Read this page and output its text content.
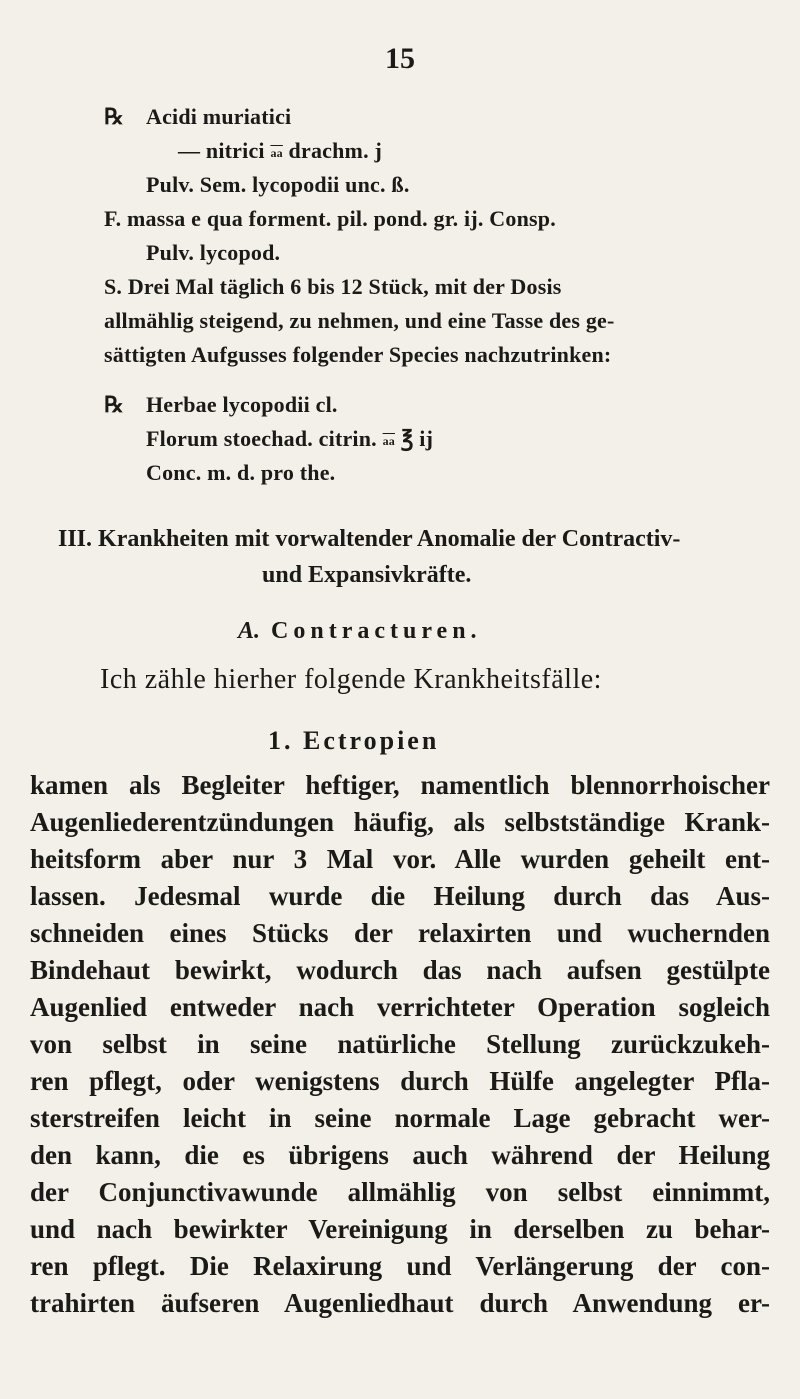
15
℞ Acidi muriatici
— nitrici $\overline{aa}$ drachm. j
Pulv. Sem. lycopodii unc. ß.
F. massa e qua forment. pil. pond. gr. ij. Consp.
Pulv. lycopod.
S. Drei Mal täglich 6 bis 12 Stück, mit der Dosis
allmählig steigend, zu nehmen, und eine Tasse des ge-
sättigten Aufgusses folgender Species nachzutrinken:
℞ Herbae lycopodii cl.
Florum stoechad. citrin. $\overline{aa}$ ℥ ij
Conc. m. d. pro the.
III. Krankheiten mit vorwaltender Anomalie der Contractiv-
und Expansivkräfte.
A. Contracturen.
Ich zähle hierher folgende Krankheitsfälle:
1. Ectropien
kamen als Begleiter heftiger, namentlich blennorrhoischer
Augenliederentzündungen häufig, als selbstständige Krank-
heitsform aber nur 3 Mal vor. Alle wurden geheilt ent-
lassen. Jedesmal wurde die Heilung durch das Aus-
schneiden eines Stücks der relaxirten und wuchernden
Bindehaut bewirkt, wodurch das nach aufsen gestülpte
Augenlied entweder nach verrichteter Operation sogleich
von selbst in seine natürliche Stellung zurückzukeh-
ren pflegt, oder wenigstens durch Hülfe angelegter Pfla-
sterstreifen leicht in seine normale Lage gebracht wer-
den kann, die es übrigens auch während der Heilung
der Conjunctivawunde allmählig von selbst einnimmt,
und nach bewirkter Vereinigung in derselben zu behar-
ren pflegt. Die Relaxirung und Verlängerung der con-
trahirten äufseren Augenliedhaut durch Anwendung er-
